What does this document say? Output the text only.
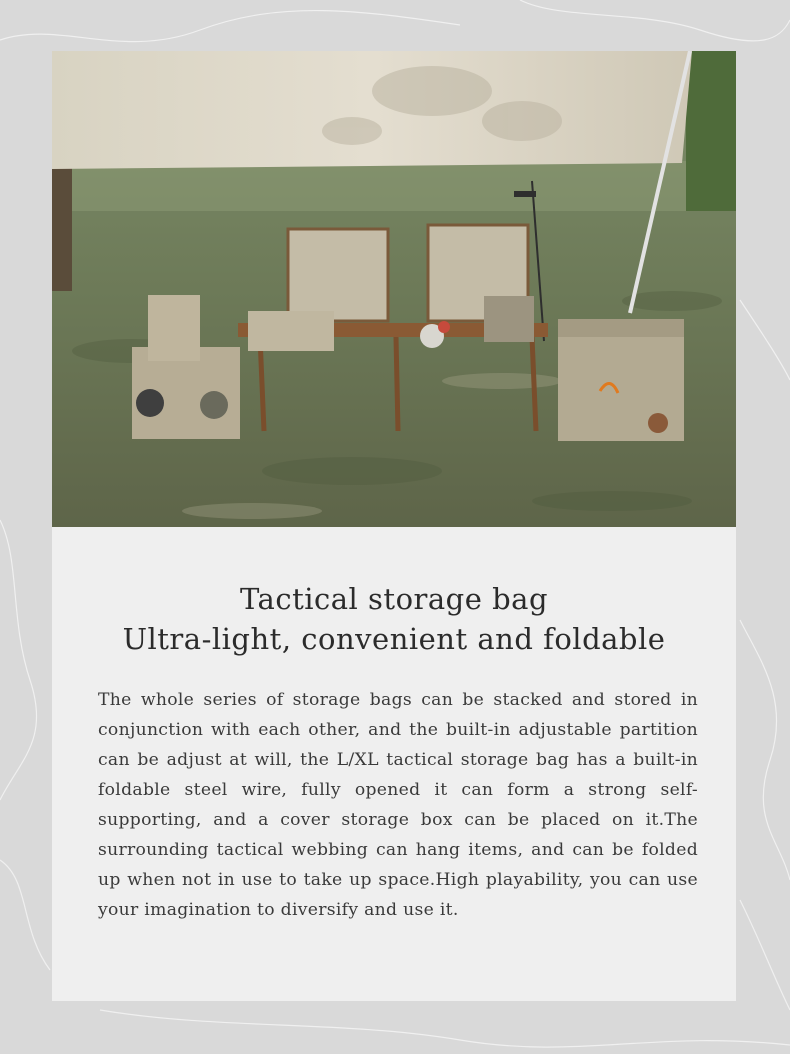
Tactical storage bag
Ultra-light, convenient and foldable
The whole series of storage bags can be stacked and stored in conjunction with each other, and the built-in adjustable partition can be adjust at will, the L/XL tactical storage bag has a built-in foldable steel wire, fully opened it can form a strong self-supporting, and a cover storage box can be placed on it.The surrounding tactical webbing can hang items, and can be folded up when not in use to take up space.High playability, you can use your imagination to diversify and use it.
